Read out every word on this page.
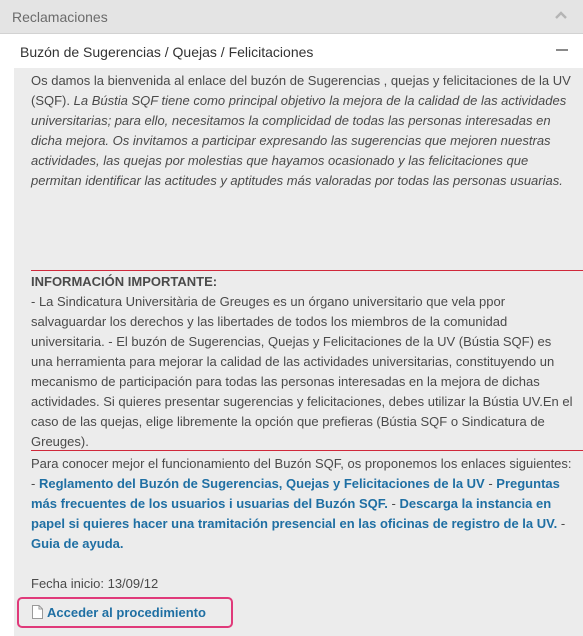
Reclamaciones
Buzón de Sugerencias / Quejas / Felicitaciones
Os damos la bienvenida al enlace del buzón de Sugerencias , quejas y felicitaciones de la UV (SQF). La Bústia SQF tiene como principal objetivo la mejora de la calidad de las actividades universitarias; para ello, necesitamos la complicidad de todas las personas interesadas en dicha mejora. Os invitamos a participar expresando las sugerencias que mejoren nuestras actividades, las quejas por molestias que hayamos ocasionado y las felicitaciones que permitan identificar las actitudes y aptitudes más valoradas por todas las personas usuarias.
INFORMACIÓN IMPORTANTE:
- La Sindicatura Universitària de Greuges es un órgano universitario que vela ppor salvaguardar los derechos y las libertades de todos los miembros de la comunidad universitaria. - El buzón de Sugerencias, Quejas y Felicitaciones de la UV (Bústia SQF) es una herramienta para mejorar la calidad de las actividades universitarias, constituyendo un mecanismo de participación para todas las personas interesadas en la mejora de dichas actividades. Si quieres presentar sugerencias y felicitaciones, debes utilizar la Bústia UV.En el caso de las quejas, elige libremente la opción que prefieras (Bústia SQF o Sindicatura de Greuges).
Para conocer mejor el funcionamiento del Buzón SQF, os proponemos los enlaces siguientes: - Reglamento del Buzón de Sugerencias, Quejas y Felicitaciones de la UV - Preguntas más frecuentes de los usuarios i usuarias del Buzón SQF. - Descarga la instancia en papel si quieres hacer una tramitación presencial en las oficinas de registro de la UV. - Guia de ayuda.
Fecha inicio: 13/09/12
Acceder al procedimiento
